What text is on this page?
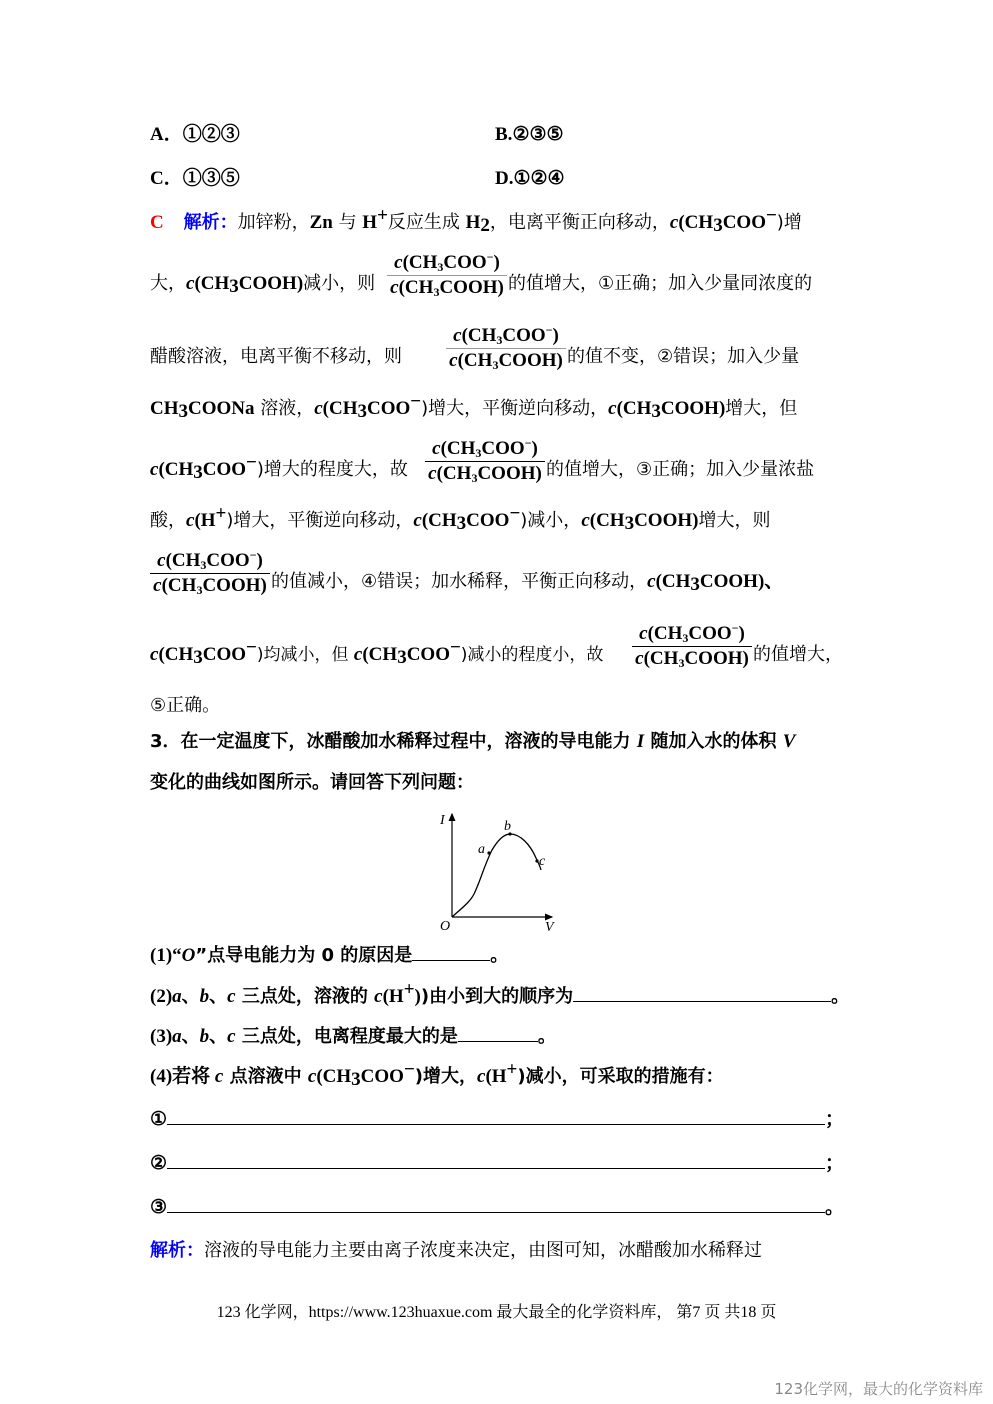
A．①②③	B.②③⑤
C．①③⑤	D.①②④
C 解析：加锌粉，Zn 与 H+反应生成 $H_2$，电离平衡正向移动，$c(CH_3COO^-)$增
大，$c(CH_3COOH)$减小，则
$c(CH_3COO^-)$
$c(CH_3COOH)$ 的值增大，①正确；加入少量同浓度的
醋酸溶液，电离平衡不移动，则
$c(CH_3COO^-)$
$c(CH_3COOH)$ 的值不变，②错误；加入少量
$CH_3COONa$ 溶液，$c(CH_3COO^-)$增大，平衡逆向移动，$c(CH_3COOH)$增大，但
$c(CH_3COO^-)$增大的程度大，故
$c(CH_3COO^-)$
$c(CH_3COOH)$ 的值增大，③正确；加入少量浓盐
酸，c(H+)增大，平衡逆向移动，$c(CH_3COO^-)$减小，$c(CH_3COOH)$增大，则
$c(CH_3COO^-)$
$c(CH_3COOH)$ 的值减小，④错误；加水稀释，平衡正向移动，$c(CH_3COOH)$、
$c(CH_3COO^-)$均减小，但 $c(CH_3COO^-)$减小的程度小，故
$c(CH_3COO^-)$
$c(CH_3COOH)$ 的值增大，
⑤正确。
3．在一定温度下，冰醋酸加水稀释过程中，溶液的导电能力 I 随加入水的体积 V
变化的曲线如图所示。请回答下列问题：
I
V
O
a
b
c
(1)“O”点导电能力为 0 的原因是	。
(2)a、b、c 三点处，溶液的 c(H+))由小到大的顺序为	。
(3)a、b、c 三点处，电离程度最大的是	。
(4)若将 c 点溶液中 $c(CH_3COO^-)$增大，c(H+)减小，可采取的措施有：
①	；
②	；
③	。
解析：溶液的导电能力主要由离子浓度来决定，由图可知，冰醋酸加水稀释过
123 化学网，https://www.123huaxue.com 最大最全的化学资料库， 第7 页 共18 页
123化学网，最大的化学资料库
